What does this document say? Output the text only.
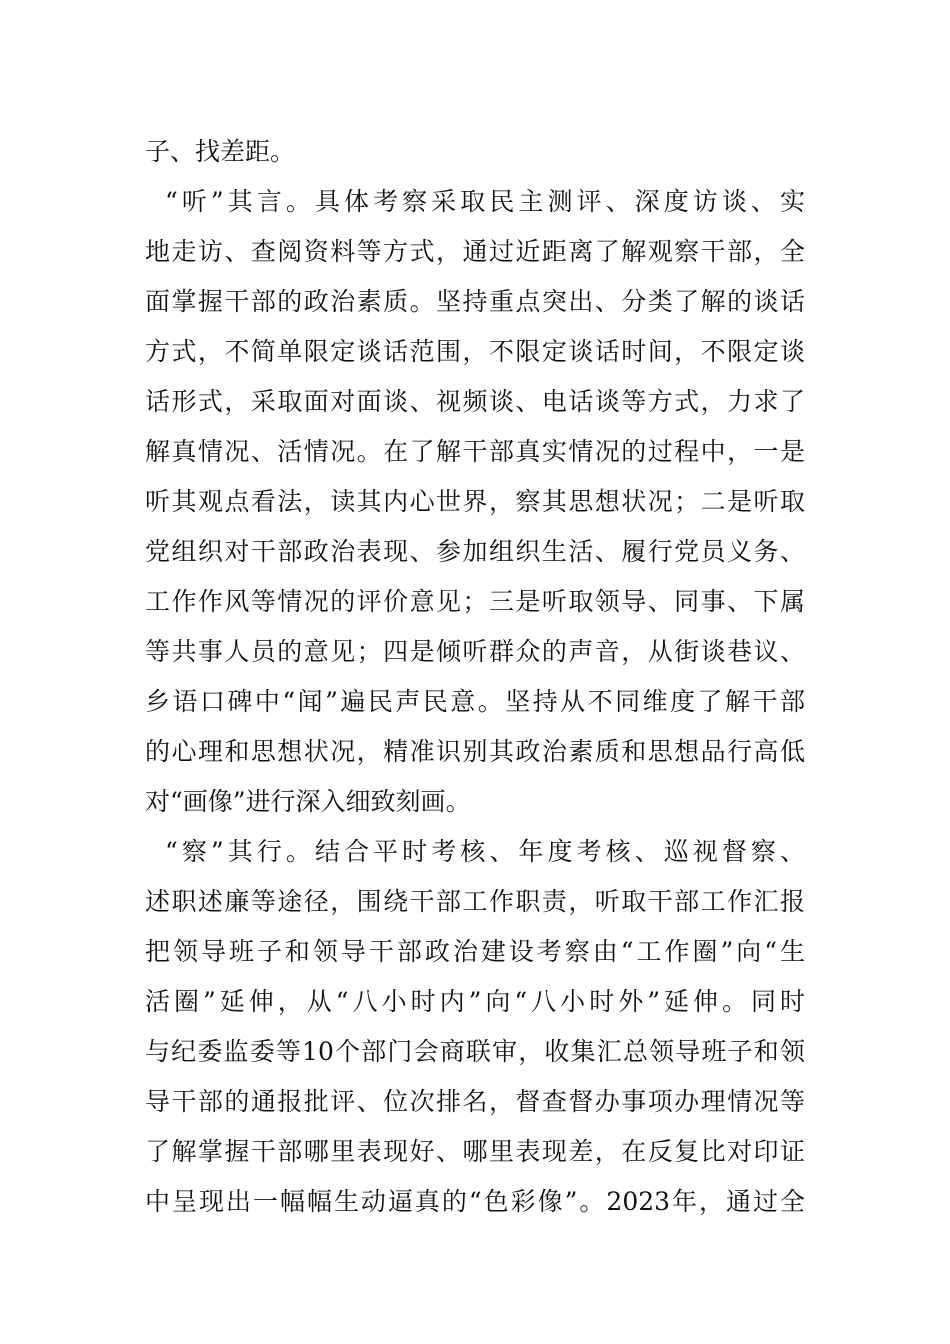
子、找差距。
“听”其言。具体考察采取民主测评、深度访谈、实
地走访、查阅资料等方式，通过近距离了解观察干部，全
面掌握干部的政治素质。坚持重点突出、分类了解的谈话
方式，不简单限定谈话范围，不限定谈话时间，不限定谈
话形式，采取面对面谈、视频谈、电话谈等方式，力求了
解真情况、活情况。在了解干部真实情况的过程中，一是
听其观点看法，读其内心世界，察其思想状况；二是听取
党组织对干部政治表现、参加组织生活、履行党员义务、
工作作风等情况的评价意见；三是听取领导、同事、下属
等共事人员的意见；四是倾听群众的声音，从街谈巷议、
乡语口碑中“闻”遍民声民意。坚持从不同维度了解干部
的心理和思想状况，精准识别其政治素质和思想品行高低
对“画像”进行深入细致刻画。
“察”其行。结合平时考核、年度考核、巡视督察、
述职述廉等途径，围绕干部工作职责，听取干部工作汇报
把领导班子和领导干部政治建设考察由“工作圈”向“生
活圈”延伸，从“八小时内”向“八小时外”延伸。同时
与纪委监委等10个部门会商联审，收集汇总领导班子和领
导干部的通报批评、位次排名，督查督办事项办理情况等
了解掌握干部哪里表现好、哪里表现差，在反复比对印证
中呈现出一幅幅生动逼真的“色彩像”。2023年，通过全
